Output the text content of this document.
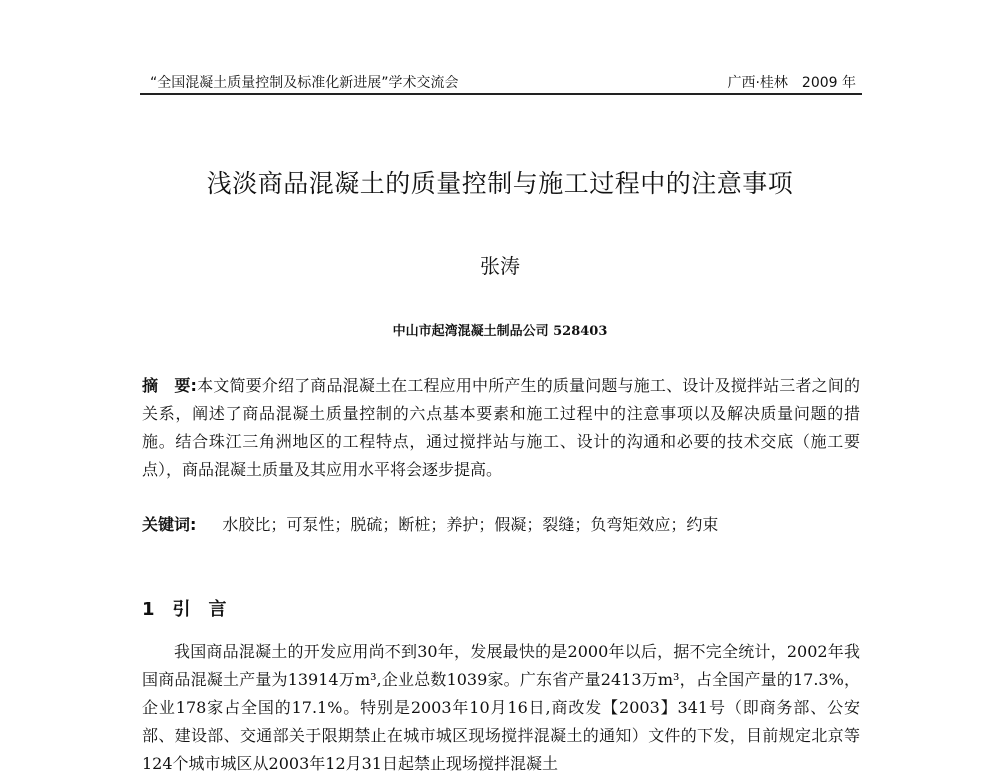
“全国混凝土质量控制及标准化新进展”学术交流会	广西·桂林　2009 年
浅淡商品混凝土的质量控制与施工过程中的注意事项
张涛
中山市起湾混凝土制品公司 528403
摘　要:本文简要介绍了商品混凝土在工程应用中所产生的质量问题与施工、设计及搅拌站三者之间的关系，阐述了商品混凝土质量控制的六点基本要素和施工过程中的注意事项以及解决质量问题的措施。结合珠江三角洲地区的工程特点，通过搅拌站与施工、设计的沟通和必要的技术交底（施工要点），商品混凝土质量及其应用水平将会逐步提高。
关键词: 水胶比；可泵性；脱硫；断桩；养护；假凝；裂缝；负弯矩效应；约束
1 引　言
我国商品混凝土的开发应用尚不到30年，发展最快的是2000年以后，据不完全统计，2002年我国商品混凝土产量为13914万m³,企业总数1039家。广东省产量2413万m³，占全国产量的17.3%，企业178家占全国的17.1%。特别是2003年10月16日,商改发【2003】341号（即商务部、公安部、建设部、交通部关于限期禁止在城市城区现场搅拌混凝土的通知）文件的下发，目前规定北京等124个城市城区从2003年12月31日起禁止现场搅拌混凝土
